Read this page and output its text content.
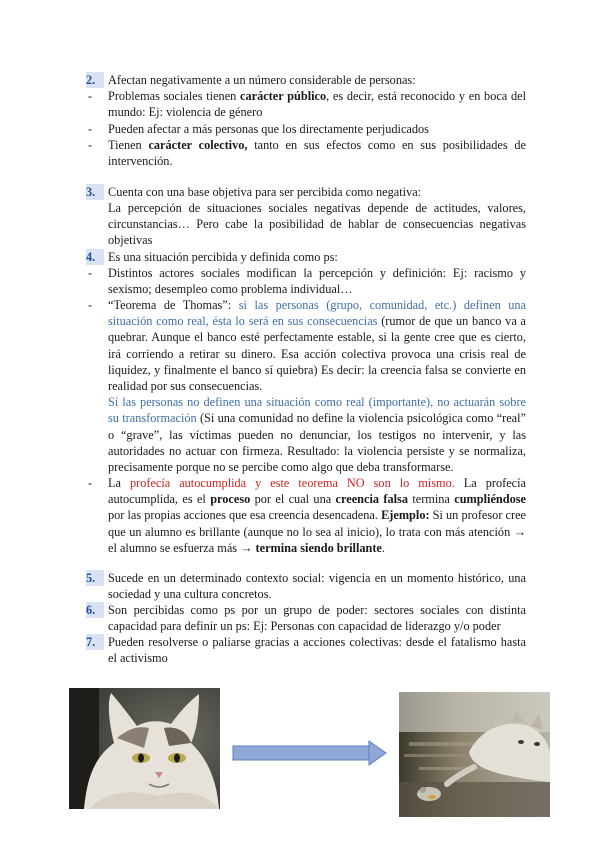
2.	Afectan negativamente a un número considerable de personas:
-	Problemas sociales tienen carácter público, es decir, está reconocido y en boca del mundo: Ej: violencia de género
-	Pueden afectar a más personas que los directamente perjudicados
-	Tienen carácter colectivo, tanto en sus efectos como en sus posibilidades de intervención.
3.	Cuenta con una base objetiva para ser percibida como negativa:
La percepción de situaciones sociales negativas depende de actitudes, valores, circunstancias… Pero cabe la posibilidad de hablar de consecuencias negativas objetivas
4.	Es una situación percibida y definida como ps:
-	Distintos actores sociales modifican la percepción y definición: Ej: racismo y sexismo; desempleo como problema individual…
-	“Teorema de Thomas”: si las personas (grupo, comunidad, etc.) definen una situación como real, ésta lo será en sus consecuencias (rumor de que un banco va a quebrar. Aunque el banco esté perfectamente estable, si la gente cree que es cierto, irá corriendo a retirar su dinero. Esa acción colectiva provoca una crisis real de liquidez, y finalmente el banco sí quiebra) Es decir: la creencia falsa se convierte en realidad por sus consecuencias.
Si las personas no definen una situación como real (importante), no actuarán sobre su transformación (Si una comunidad no define la violencia psicológica como “real” o “grave”, las víctimas pueden no denunciar, los testigos no intervenir, y las autoridades no actuar con firmeza. Resultado: la violencia persiste y se normaliza, precisamente porque no se percibe como algo que deba transformarse.
-	La profecía autocumplida y este teorema NO son lo mismo. La profecía autocumplida, es el proceso por el cual una creencia falsa termina cumpliéndose por las propias acciones que esa creencia desencadena. Ejemplo: Si un profesor cree que un alumno es brillante (aunque no lo sea al inicio), lo trata con más atención → el alumno se esfuerza más → termina siendo brillante.
5.	Sucede en un determinado contexto social: vigencia en un momento histórico, una sociedad y una cultura concretos.
6.	Son percibidas como ps por un grupo de poder: sectores sociales con distinta capacidad para definir un ps: Ej: Personas con capacidad de liderazgo y/o poder
7.	Pueden resolverse o paliarse gracias a acciones colectivas: desde el fatalismo hasta el activismo
